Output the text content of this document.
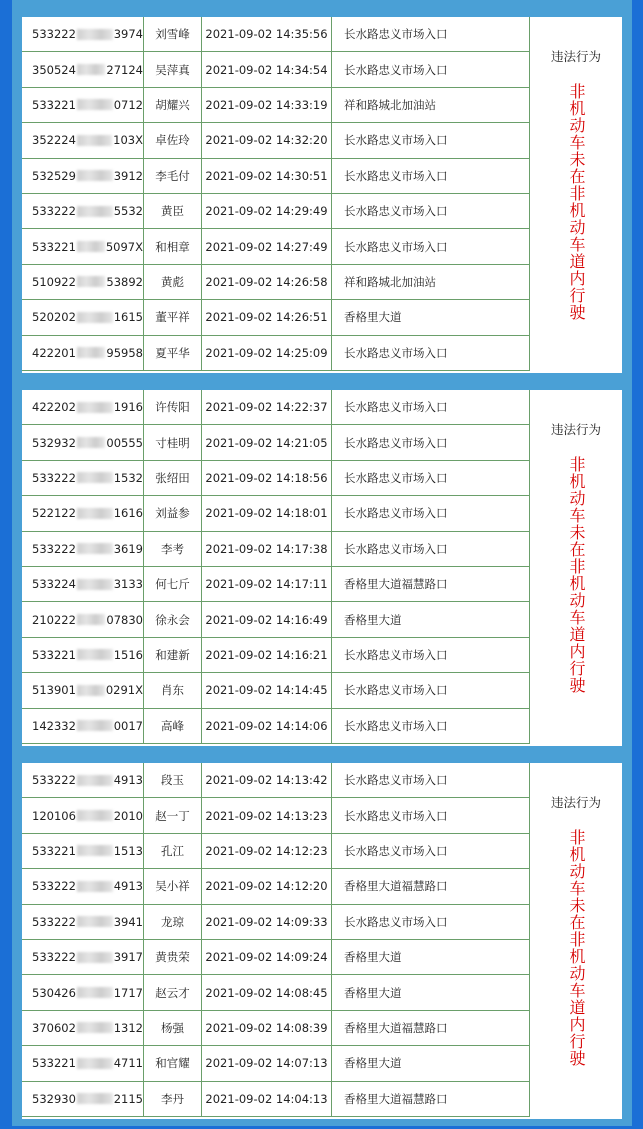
533222	3974	刘雪峰	2021-09-02 14:35:56	长水路忠义市场入口
350524	27124	吴萍真	2021-09-02 14:34:54	长水路忠义市场入口
533221	0712	胡耀兴	2021-09-02 14:33:19	祥和路城北加油站
352224	103X	卓佐玲	2021-09-02 14:32:20	长水路忠义市场入口
532529	3912	李毛付	2021-09-02 14:30:51	长水路忠义市场入口
533222	5532	黄臣	2021-09-02 14:29:49	长水路忠义市场入口
533221	5097X	和相章	2021-09-02 14:27:49	长水路忠义市场入口
510922	53892	黄彪	2021-09-02 14:26:58	祥和路城北加油站
520202	1615	董平祥	2021-09-02 14:26:51	香格里大道
422201	95958	夏平华	2021-09-02 14:25:09	长水路忠义市场入口
违法行为
非机动车未在非机动车道内行驶
422202	1916	许传阳	2021-09-02 14:22:37	长水路忠义市场入口
532932	00555	寸桂明	2021-09-02 14:21:05	长水路忠义市场入口
533222	1532	张绍田	2021-09-02 14:18:56	长水路忠义市场入口
522122	1616	刘益参	2021-09-02 14:18:01	长水路忠义市场入口
533222	3619	李考	2021-09-02 14:17:38	长水路忠义市场入口
533224	3133	何七斤	2021-09-02 14:17:11	香格里大道福慧路口
210222	07830	徐永会	2021-09-02 14:16:49	香格里大道
533221	1516	和建新	2021-09-02 14:16:21	长水路忠义市场入口
513901	0291X	肖东	2021-09-02 14:14:45	长水路忠义市场入口
142332	0017	高峰	2021-09-02 14:14:06	长水路忠义市场入口
违法行为
非机动车未在非机动车道内行驶
533222	4913	段玉	2021-09-02 14:13:42	长水路忠义市场入口
120106	2010	赵一丁	2021-09-02 14:13:23	长水路忠义市场入口
533221	1513	孔江	2021-09-02 14:12:23	长水路忠义市场入口
533222	4913	吴小祥	2021-09-02 14:12:20	香格里大道福慧路口
533222	3941	龙琼	2021-09-02 14:09:33	长水路忠义市场入口
533222	3917	黄贵荣	2021-09-02 14:09:24	香格里大道
530426	1717	赵云才	2021-09-02 14:08:45	香格里大道
370602	1312	杨强	2021-09-02 14:08:39	香格里大道福慧路口
533221	4711	和官耀	2021-09-02 14:07:13	香格里大道
532930	2115	李丹	2021-09-02 14:04:13	香格里大道福慧路口
违法行为
非机动车未在非机动车道内行驶
